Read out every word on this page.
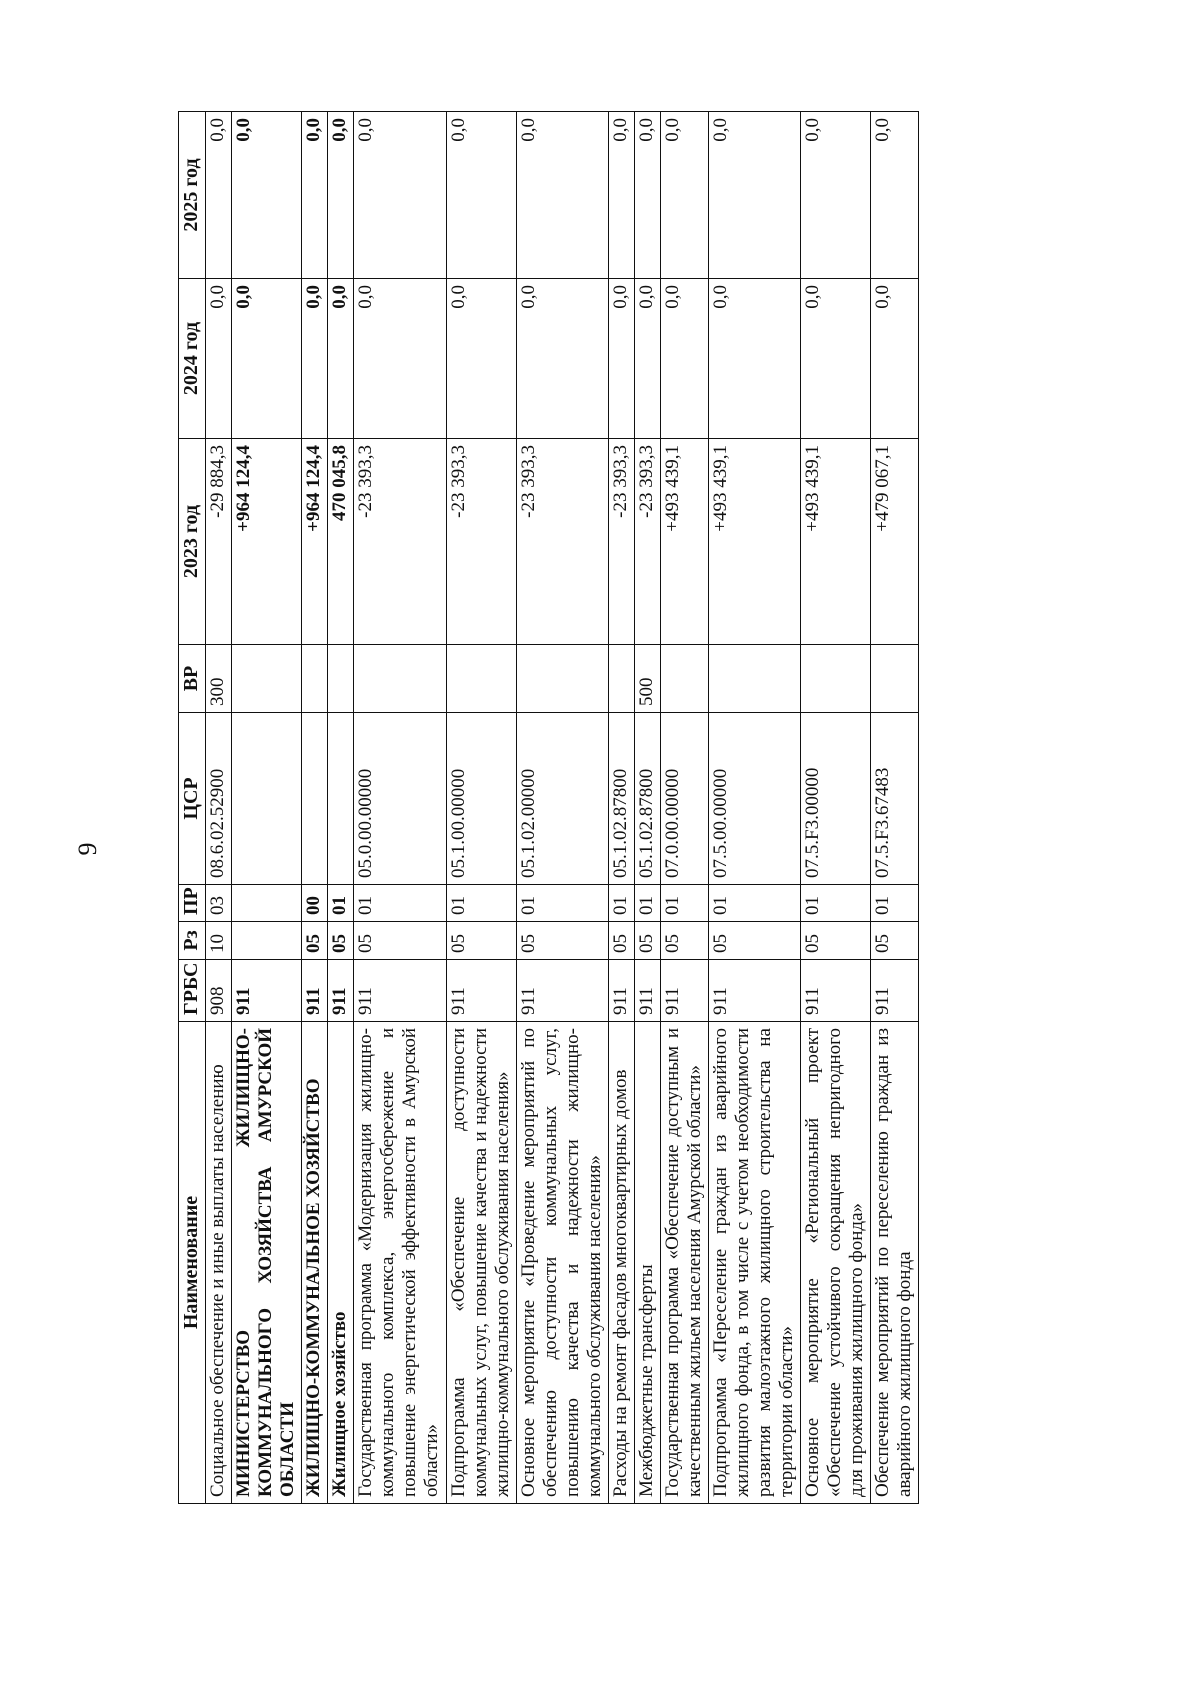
9
Наименование	ГРБС	Рз	ПР	ЦСР	ВР	2023 год	2024 год	2025 год
Социальное обеспечение и иные выплаты населению	908	10	03	08.6.02.52900	300	-29 884,3	0,0	0,0
МИНИСТЕРСТВО ЖИЛИЩНО-КОММУНАЛЬНОГО ХОЗЯЙСТВА АМУРСКОЙ ОБЛАСТИ	911					+964 124,4	0,0	0,0
ЖИЛИЩНО-КОММУНАЛЬНОЕ ХОЗЯЙСТВО	911	05	00			+964 124,4	0,0	0,0
Жилищное хозяйство	911	05	01			470 045,8	0,0	0,0
Государственная программа «Модернизация жилищно-коммунального комплекса, энергосбережение и повышение энергетической эффективности в Амурской области»	911	05	01	05.0.00.00000		-23 393,3	0,0	0,0
Подпрограмма «Обеспечение доступности коммунальных услуг, повышение качества и надежности жилищно-коммунального обслуживания населения»	911	05	01	05.1.00.00000		-23 393,3	0,0	0,0
Основное мероприятие «Проведение мероприятий по обеспечению доступности коммунальных услуг, повышению качества и надежности жилищно-коммунального обслуживания населения»	911	05	01	05.1.02.00000		-23 393,3	0,0	0,0
Расходы на ремонт фасадов многоквартирных домов	911	05	01	05.1.02.87800		-23 393,3	0,0	0,0
Межбюджетные трансферты	911	05	01	05.1.02.87800	500	-23 393,3	0,0	0,0
Государственная программа «Обеспечение доступным и качественным жильем населения Амурской области»	911	05	01	07.0.00.00000		+493 439,1	0,0	0,0
Подпрограмма «Переселение граждан из аварийного жилищного фонда, в том числе с учетом необходимости развития малоэтажного жилищного строительства на территории области»	911	05	01	07.5.00.00000		+493 439,1	0,0	0,0
Основное мероприятие «Региональный проект «Обеспечение устойчивого сокращения непригодного для проживания жилищного фонда»	911	05	01	07.5.F3.00000		+493 439,1	0,0	0,0
Обеспечение мероприятий по переселению граждан из аварийного жилищного фонда	911	05	01	07.5.F3.67483		+479 067,1	0,0	0,0
